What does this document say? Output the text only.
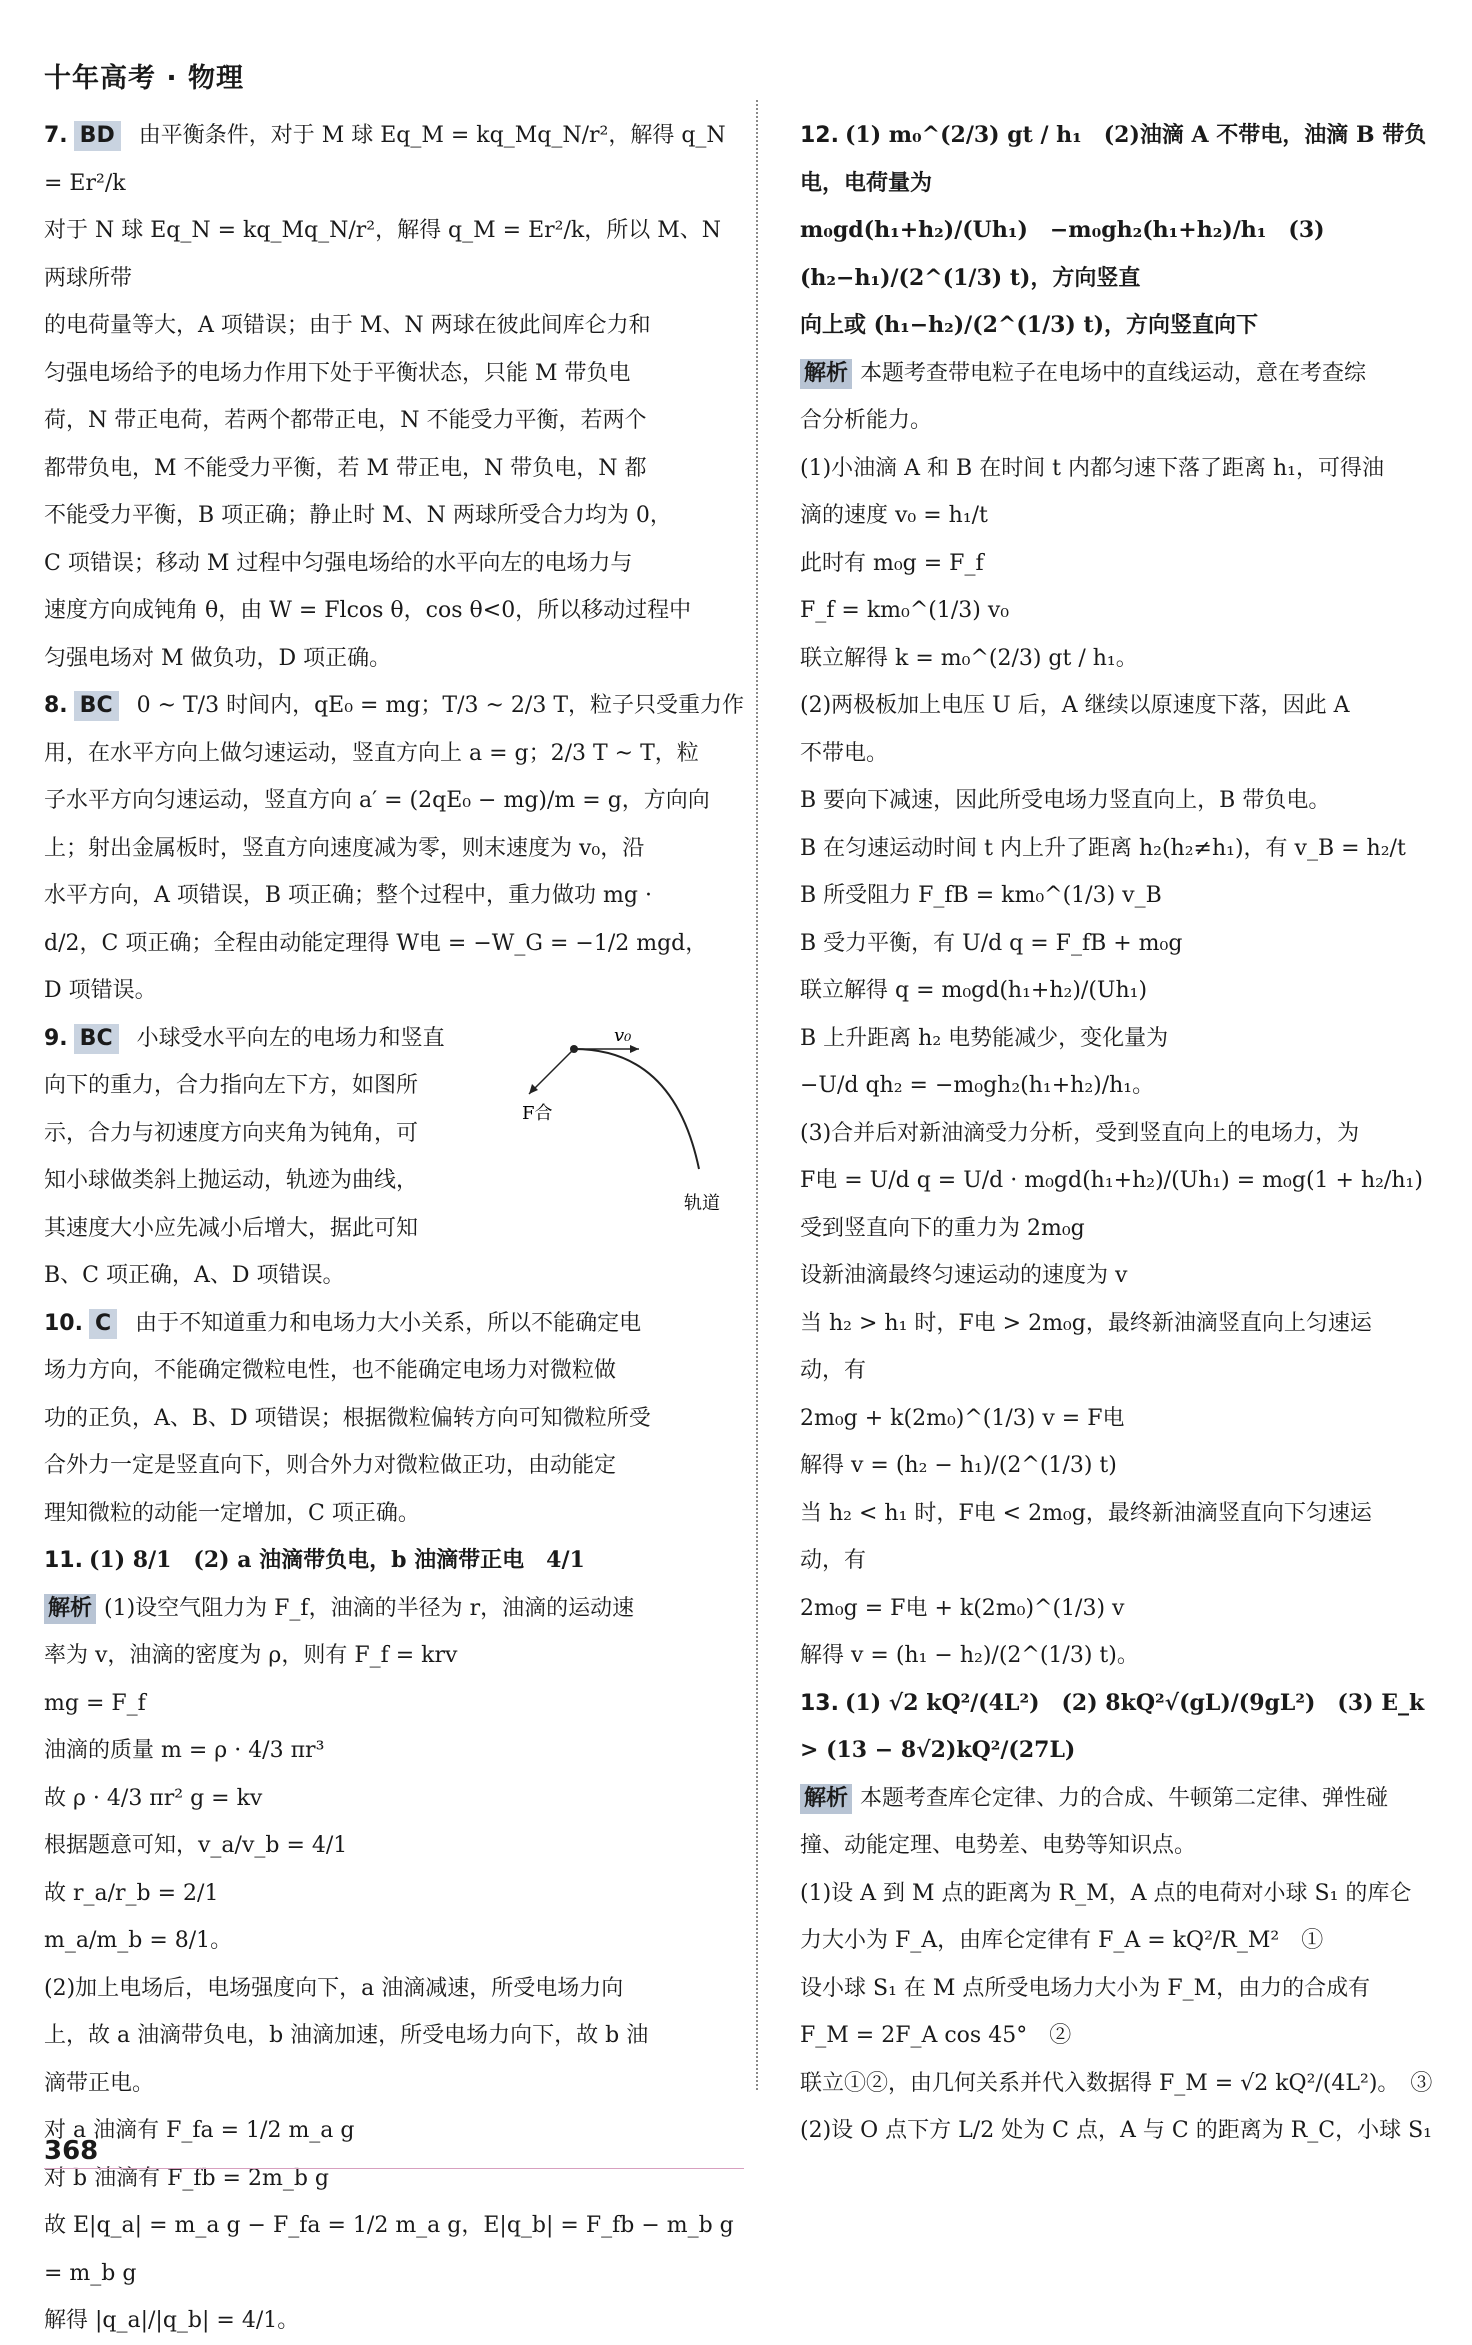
十年高考 · 物理
7. BD 由平衡条件，对于 M 球 Eq_M = kq_Mq_N/r²，解得 q_N = Er²/k
对于 N 球 Eq_N = kq_Mq_N/r²，解得 q_M = Er²/k，所以 M、N 两球所带
的电荷量等大，A 项错误；由于 M、N 两球在彼此间库仑力和
匀强电场给予的电场力作用下处于平衡状态，只能 M 带负电
荷，N 带正电荷，若两个都带正电，N 不能受力平衡，若两个
都带负电，M 不能受力平衡，若 M 带正电，N 带负电，N 都
不能受力平衡，B 项正确；静止时 M、N 两球所受合力均为 0，
C 项错误；移动 M 过程中匀强电场给的水平向左的电场力与
速度方向成钝角 θ，由 W = Flcos θ，cos θ<0，所以移动过程中
匀强电场对 M 做负功，D 项正确。
8. BC 0 ~ T/3 时间内，qE₀ = mg；T/3 ~ 2/3 T，粒子只受重力作
用，在水平方向上做匀速运动，竖直方向上 a = g；2/3 T ~ T，粒
子水平方向匀速运动，竖直方向 a′ = (2qE₀ − mg)/m = g，方向向
上；射出金属板时，竖直方向速度减为零，则末速度为 v₀，沿
水平方向，A 项错误，B 项正确；整个过程中，重力做功 mg ·
d/2，C 项正确；全程由动能定理得 W电 = −W_G = −1/2 mgd，
D 项错误。
v₀
F合
轨道
9. BC 小球受水平向左的电场力和竖直
向下的重力，合力指向左下方，如图所
示，合力与初速度方向夹角为钝角，可
知小球做类斜上抛运动，轨迹为曲线，
其速度大小应先减小后增大，据此可知
B、C 项正确，A、D 项错误。
10. C 由于不知道重力和电场力大小关系，所以不能确定电
场力方向，不能确定微粒电性，也不能确定电场力对微粒做
功的正负，A、B、D 项错误；根据微粒偏转方向可知微粒所受
合外力一定是竖直向下，则合外力对微粒做正功，由动能定
理知微粒的动能一定增加，C 项正确。
11. (1) 8/1　(2) a 油滴带负电，b 油滴带正电　4/1
解析 (1)设空气阻力为 F_f，油滴的半径为 r，油滴的运动速
率为 v，油滴的密度为 ρ，则有 F_f = krv
mg = F_f
油滴的质量 m = ρ · 4/3 πr³
故 ρ · 4/3 πr² g = kv
根据题意可知，v_a/v_b = 4/1
故 r_a/r_b = 2/1
m_a/m_b = 8/1。
(2)加上电场后，电场强度向下，a 油滴减速，所受电场力向
上，故 a 油滴带负电，b 油滴加速，所受电场力向下，故 b 油
滴带正电。
对 a 油滴有 F_fa = 1/2 m_a g
对 b 油滴有 F_fb = 2m_b g
故 E|q_a| = m_a g − F_fa = 1/2 m_a g，E|q_b| = F_fb − m_b g = m_b g
解得 |q_a|/|q_b| = 4/1。
12. (1) m₀^(2/3) gt / h₁　(2)油滴 A 不带电，油滴 B 带负电，电荷量为
m₀gd(h₁+h₂)/(Uh₁)　−m₀gh₂(h₁+h₂)/h₁　(3) (h₂−h₁)/(2^(1/3) t)，方向竖直
向上或 (h₁−h₂)/(2^(1/3) t)，方向竖直向下
解析 本题考查带电粒子在电场中的直线运动，意在考查综
合分析能力。
(1)小油滴 A 和 B 在时间 t 内都匀速下落了距离 h₁，可得油
滴的速度 v₀ = h₁/t
此时有 m₀g = F_f
F_f = km₀^(1/3) v₀
联立解得 k = m₀^(2/3) gt / h₁。
(2)两极板加上电压 U 后，A 继续以原速度下落，因此 A
不带电。
B 要向下减速，因此所受电场力竖直向上，B 带负电。
B 在匀速运动时间 t 内上升了距离 h₂(h₂≠h₁)，有 v_B = h₂/t
B 所受阻力 F_fB = km₀^(1/3) v_B
B 受力平衡，有 U/d q = F_fB + m₀g
联立解得 q = m₀gd(h₁+h₂)/(Uh₁)
B 上升距离 h₂ 电势能减少，变化量为
−U/d qh₂ = −m₀gh₂(h₁+h₂)/h₁。
(3)合并后对新油滴受力分析，受到竖直向上的电场力，为
F电 = U/d q = U/d · m₀gd(h₁+h₂)/(Uh₁) = m₀g(1 + h₂/h₁)
受到竖直向下的重力为 2m₀g
设新油滴最终匀速运动的速度为 v
当 h₂ > h₁ 时，F电 > 2m₀g，最终新油滴竖直向上匀速运
动，有
2m₀g + k(2m₀)^(1/3) v = F电
解得 v = (h₂ − h₁)/(2^(1/3) t)
当 h₂ < h₁ 时，F电 < 2m₀g，最终新油滴竖直向下匀速运
动，有
2m₀g = F电 + k(2m₀)^(1/3) v
解得 v = (h₁ − h₂)/(2^(1/3) t)。
13. (1) √2 kQ²/(4L²)　(2) 8kQ²√(gL)/(9gL²)　(3) E_k > (13 − 8√2)kQ²/(27L)
解析 本题考查库仑定律、力的合成、牛顿第二定律、弹性碰
撞、动能定理、电势差、电势等知识点。
(1)设 A 到 M 点的距离为 R_M，A 点的电荷对小球 S₁ 的库仑
力大小为 F_A，由库仑定律有 F_A = kQ²/R_M²　①
设小球 S₁ 在 M 点所受电场力大小为 F_M，由力的合成有
F_M = 2F_A cos 45°　②
联立①②，由几何关系并代入数据得 F_M = √2 kQ²/(4L²)。　③
(2)设 O 点下方 L/2 处为 C 点，A 与 C 的距离为 R_C，小球 S₁
368
